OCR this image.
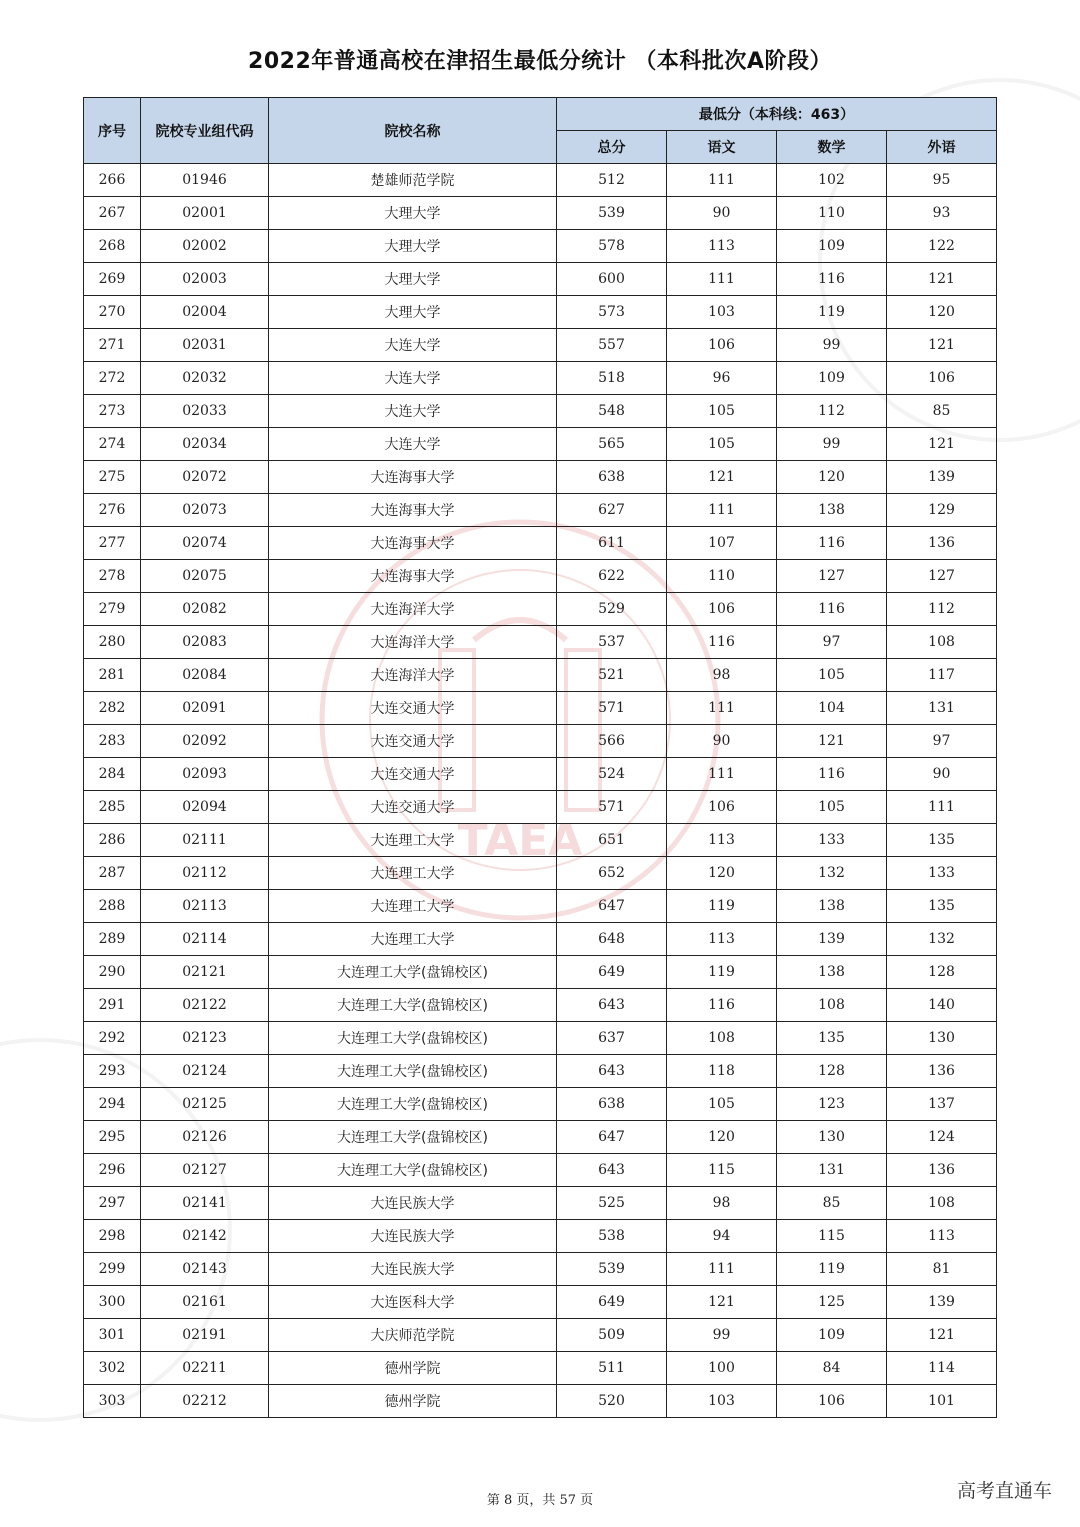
TAEA
2022年普通高校在津招生最低分统计 （本科批次A阶段）
序号	院校专业组代码	院校名称	最低分（本科线：463）			
			总分	语文	数学	外语
266	01946	楚雄师范学院	512	111	102	95
267	02001	大理大学	539	90	110	93
268	02002	大理大学	578	113	109	122
269	02003	大理大学	600	111	116	121
270	02004	大理大学	573	103	119	120
271	02031	大连大学	557	106	99	121
272	02032	大连大学	518	96	109	106
273	02033	大连大学	548	105	112	85
274	02034	大连大学	565	105	99	121
275	02072	大连海事大学	638	121	120	139
276	02073	大连海事大学	627	111	138	129
277	02074	大连海事大学	611	107	116	136
278	02075	大连海事大学	622	110	127	127
279	02082	大连海洋大学	529	106	116	112
280	02083	大连海洋大学	537	116	97	108
281	02084	大连海洋大学	521	98	105	117
282	02091	大连交通大学	571	111	104	131
283	02092	大连交通大学	566	90	121	97
284	02093	大连交通大学	524	111	116	90
285	02094	大连交通大学	571	106	105	111
286	02111	大连理工大学	651	113	133	135
287	02112	大连理工大学	652	120	132	133
288	02113	大连理工大学	647	119	138	135
289	02114	大连理工大学	648	113	139	132
290	02121	大连理工大学(盘锦校区)	649	119	138	128
291	02122	大连理工大学(盘锦校区)	643	116	108	140
292	02123	大连理工大学(盘锦校区)	637	108	135	130
293	02124	大连理工大学(盘锦校区)	643	118	128	136
294	02125	大连理工大学(盘锦校区)	638	105	123	137
295	02126	大连理工大学(盘锦校区)	647	120	130	124
296	02127	大连理工大学(盘锦校区)	643	115	131	136
297	02141	大连民族大学	525	98	85	108
298	02142	大连民族大学	538	94	115	113
299	02143	大连民族大学	539	111	119	81
300	02161	大连医科大学	649	121	125	139
301	02191	大庆师范学院	509	99	109	121
302	02211	德州学院	511	100	84	114
303	02212	德州学院	520	103	106	101
第 8 页，共 57 页	高考直通车
